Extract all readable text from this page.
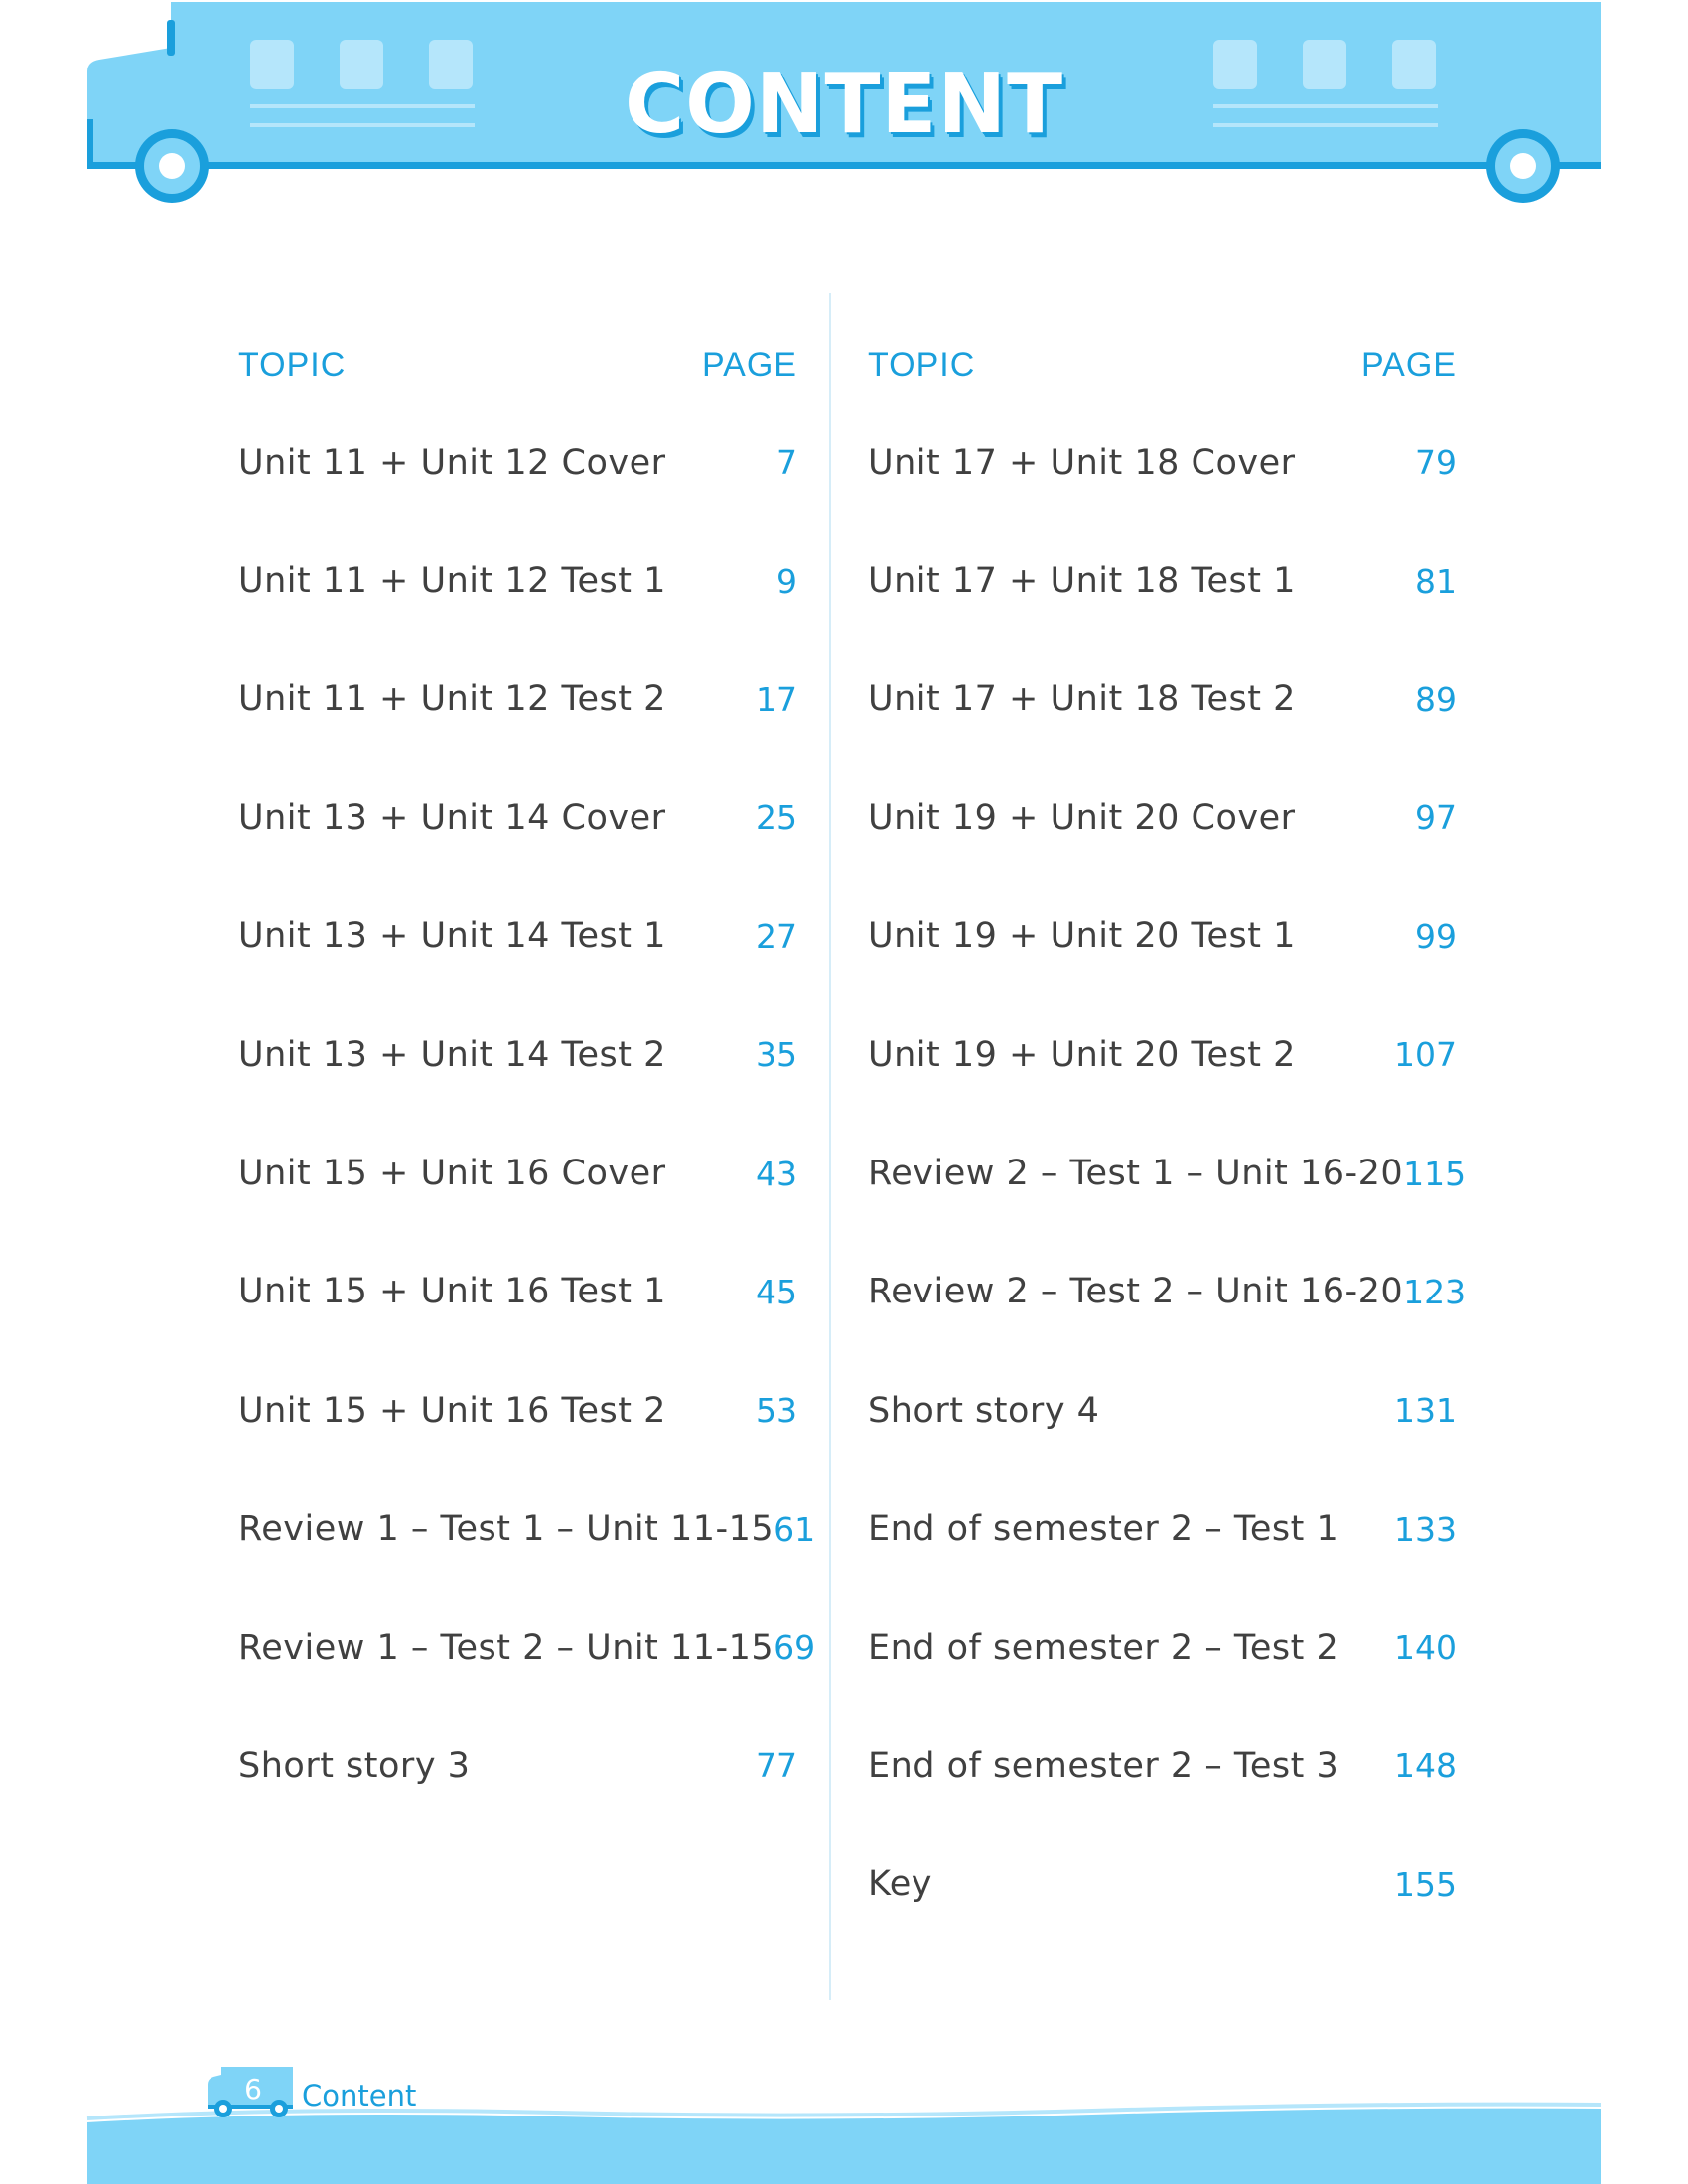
CONTENT
TOPIC	PAGE
Unit 11 + Unit 12 Cover	7
Unit 11 + Unit 12 Test 1	9
Unit 11 + Unit 12 Test 2	17
Unit 13 + Unit 14 Cover	25
Unit 13 + Unit 14 Test 1	27
Unit 13 + Unit 14 Test 2	35
Unit 15 + Unit 16 Cover	43
Unit 15 + Unit 16 Test 1	45
Unit 15 + Unit 16 Test 2	53
Review 1 – Test 1 – Unit 11-15 61
Review 1 – Test 2 – Unit 11-15 69
Short story 3	77
TOPIC	PAGE
Unit 17 + Unit 18 Cover	79
Unit 17 + Unit 18 Test 1	81
Unit 17 + Unit 18 Test 2	89
Unit 19 + Unit 20 Cover	97
Unit 19 + Unit 20 Test 1	99
Unit 19 + Unit 20 Test 2	107
Review 2 – Test 1 – Unit 16-20 115
Review 2 – Test 2 – Unit 16-20 123
Short story 4	131
End of semester 2 – Test 1 133
End of semester 2 – Test 2 140
End of semester 2 – Test 3 148
Key	155
6	Content
